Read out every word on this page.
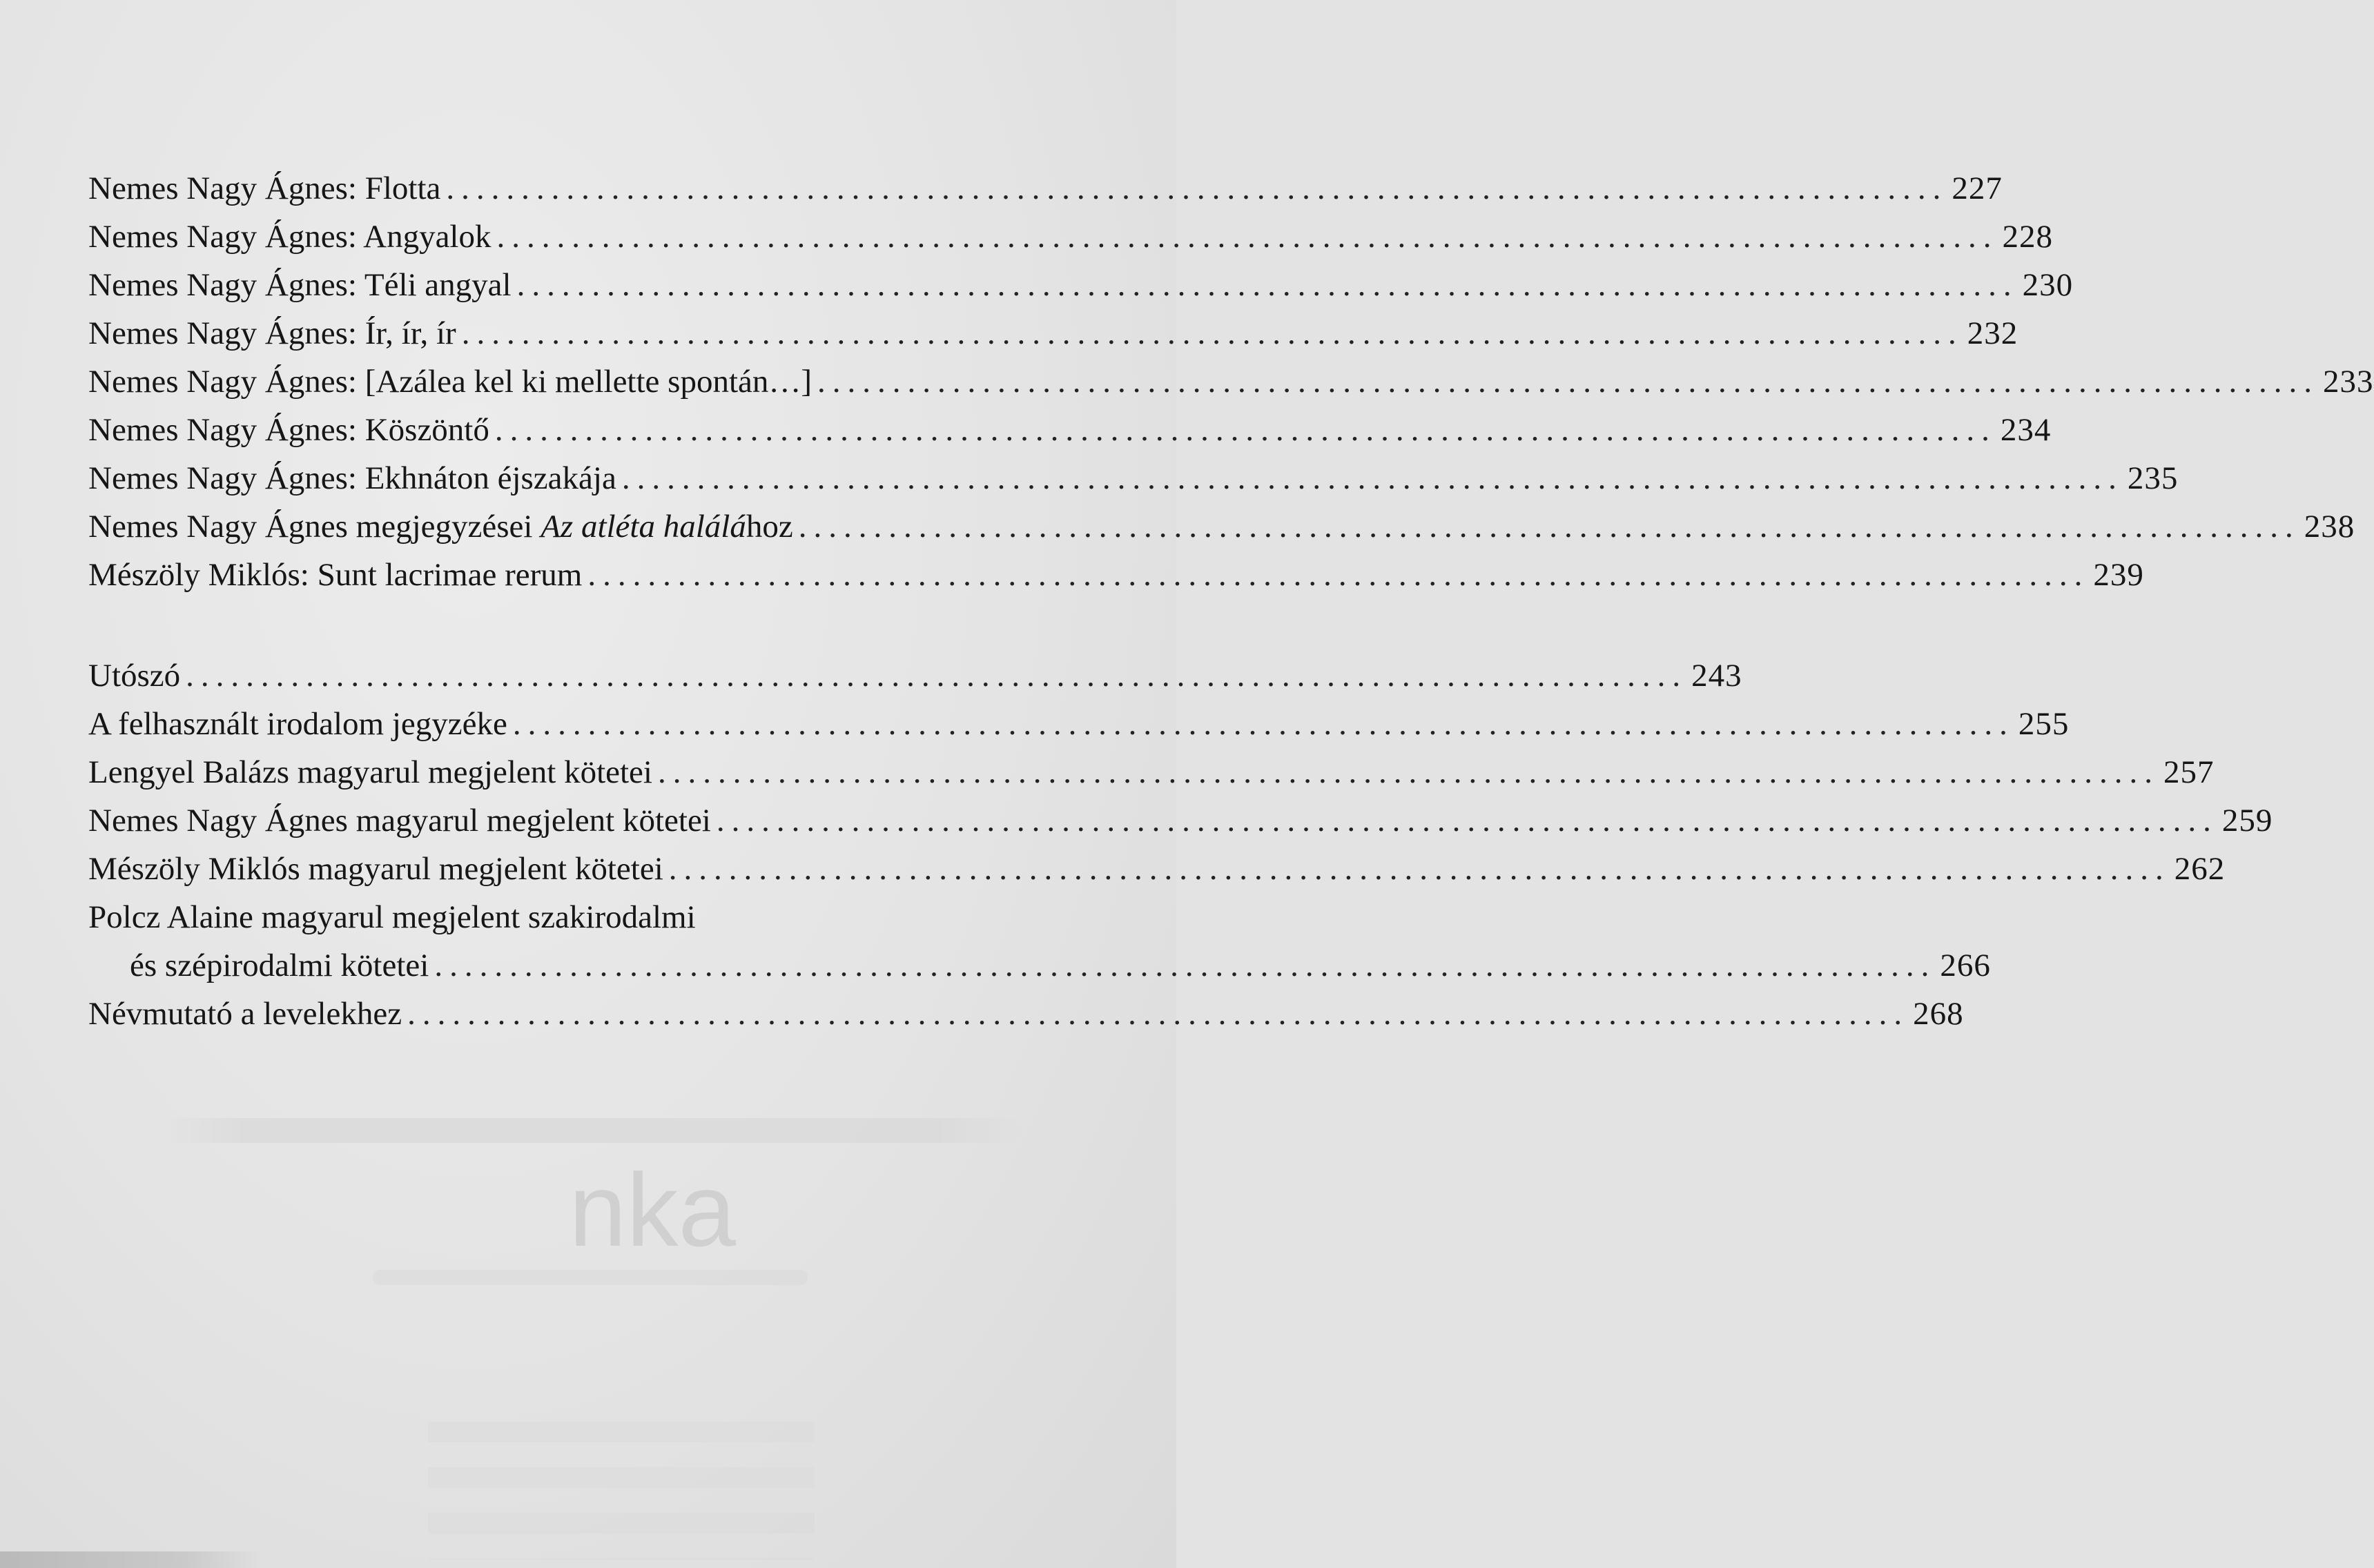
Nemes Nagy Ágnes: Flotta .................................................................................................... 227
Nemes Nagy Ágnes: Angyalok .................................................................................................... 228
Nemes Nagy Ágnes: Téli angyal .................................................................................................... 230
Nemes Nagy Ágnes: Ír, ír, ír .................................................................................................... 232
Nemes Nagy Ágnes: [Azálea kel ki mellette spontán…] .................................................................................................... 233
Nemes Nagy Ágnes: Köszöntő .................................................................................................... 234
Nemes Nagy Ágnes: Ekhnáton éjszakája .................................................................................................... 235
Nemes Nagy Ágnes megjegyzései Az atléta halálához .................................................................................................... 238
Mészöly Miklós: Sunt lacrimae rerum .................................................................................................... 239
Utószó .................................................................................................... 243
A felhasznált irodalom jegyzéke .................................................................................................... 255
Lengyel Balázs magyarul megjelent kötetei .................................................................................................... 257
Nemes Nagy Ágnes magyarul megjelent kötetei .................................................................................................... 259
Mészöly Miklós magyarul megjelent kötetei .................................................................................................... 262
Polcz Alaine magyarul megjelent szakirodalmi
és szépirodalmi kötetei .................................................................................................... 266
Névmutató a levelekhez .................................................................................................... 268
nka
